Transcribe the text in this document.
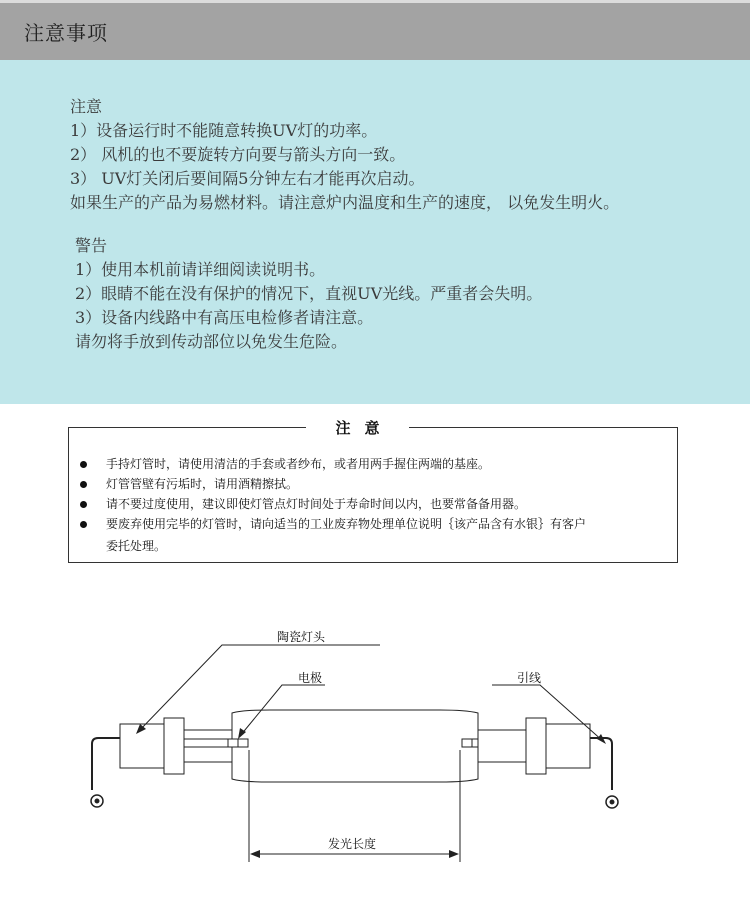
注意事项
注意
1）设备运行时不能随意转换UV灯的功率。
2） 风机的也不要旋转方向要与箭头方向一致。
3） UV灯关闭后要间隔5分钟左右才能再次启动。
如果生产的产品为易燃材料。请注意炉内温度和生产的速度， 以免发生明火。
警告
1）使用本机前请详细阅读说明书。
2）眼睛不能在没有保护的情况下，直视UV光线。严重者会失明。
3）设备内线路中有高压电检修者请注意。
请勿将手放到传动部位以免发生危险。
注意
手持灯管时，请使用清洁的手套或者纱布，或者用两手握住两端的基座。
灯管管壁有污垢时，请用酒精擦拭。
请不要过度使用，建议即使灯管点灯时间处于寿命时间以内，也要常备备用器。
要废弃使用完毕的灯管时，请向适当的工业废弃物处理单位说明｛该产品含有水银｝有客户
委托处理。
陶瓷灯头
电极	引线
发光长度
